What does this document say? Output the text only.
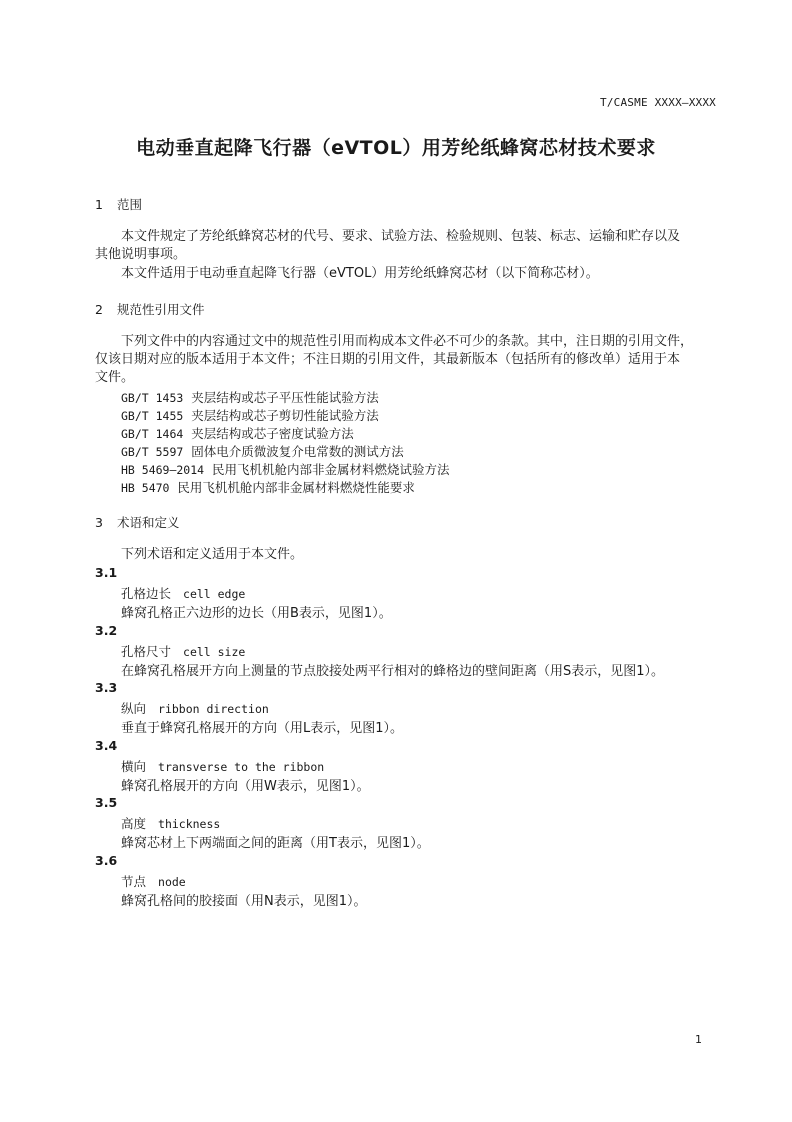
T/CASME XXXX—XXXX
电动垂直起降飞行器（eVTOL）用芳纶纸蜂窝芯材技术要求
1 范围
本文件规定了芳纶纸蜂窝芯材的代号、要求、试验方法、检验规则、包装、标志、运输和贮存以及
其他说明事项。
本文件适用于电动垂直起降飞行器（eVTOL）用芳纶纸蜂窝芯材（以下简称芯材）。
2 规范性引用文件
下列文件中的内容通过文中的规范性引用而构成本文件必不可少的条款。其中，注日期的引用文件，
仅该日期对应的版本适用于本文件；不注日期的引用文件，其最新版本（包括所有的修改单）适用于本
文件。
GB/T 1453 夹层结构或芯子平压性能试验方法
GB/T 1455 夹层结构或芯子剪切性能试验方法
GB/T 1464 夹层结构或芯子密度试验方法
GB/T 5597 固体电介质微波复介电常数的测试方法
HB 5469—2014 民用飞机机舱内部非金属材料燃烧试验方法
HB 5470 民用飞机机舱内部非金属材料燃烧性能要求
3 术语和定义
下列术语和定义适用于本文件。
3.1
孔格边长 cell edge
蜂窝孔格正六边形的边长（用B表示，见图1）。
3.2
孔格尺寸 cell size
在蜂窝孔格展开方向上测量的节点胶接处两平行相对的蜂格边的壁间距离（用S表示，见图1）。
3.3
纵向 ribbon direction
垂直于蜂窝孔格展开的方向（用L表示，见图1）。
3.4
横向 transverse to the ribbon
蜂窝孔格展开的方向（用W表示，见图1）。
3.5
高度 thickness
蜂窝芯材上下两端面之间的距离（用T表示，见图1）。
3.6
节点 node
蜂窝孔格间的胶接面（用N表示，见图1）。
1
